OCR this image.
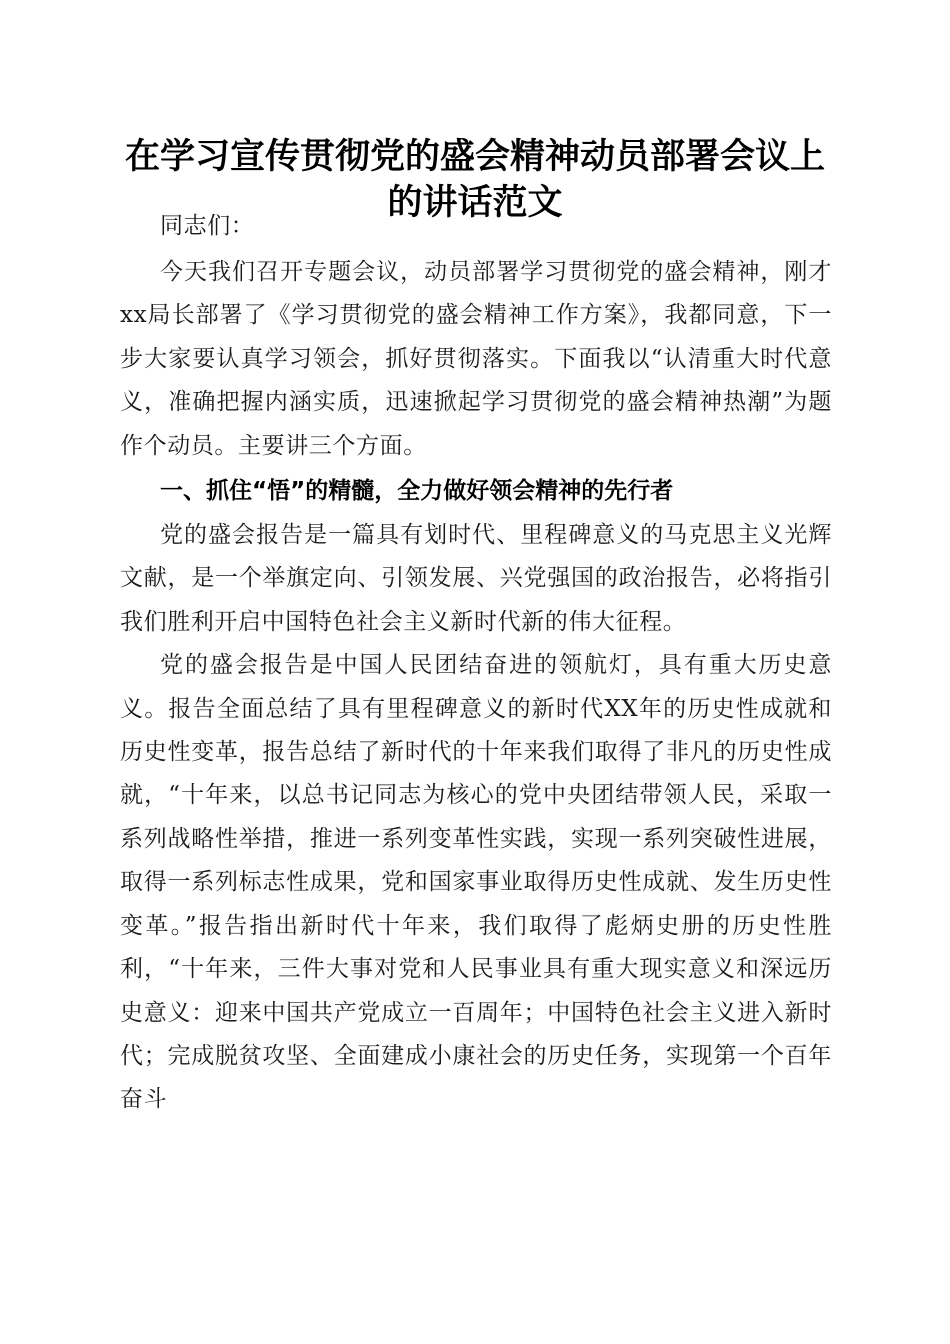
在学习宣传贯彻党的盛会精神动员部署会议上
的讲话范文

同志们：

今天我们召开专题会议，动员部署学习贯彻党的盛会精神，刚才xx局长部署了《学习贯彻党的盛会精神工作方案》，我都同意，下一步大家要认真学习领会，抓好贯彻落实。下面我以“认清重大时代意义，准确把握内涵实质，迅速掀起学习贯彻党的盛会精神热潮”为题作个动员。主要讲三个方面。

一、抓住“悟”的精髓，全力做好领会精神的先行者

党的盛会报告是一篇具有划时代、里程碑意义的马克思主义光辉文献，是一个举旗定向、引领发展、兴党强国的政治报告，必将指引我们胜利开启中国特色社会主义新时代新的伟大征程。

党的盛会报告是中国人民团结奋进的领航灯，具有重大历史意义。报告全面总结了具有里程碑意义的新时代XX年的历史性成就和历史性变革，报告总结了新时代的十年来我们取得了非凡的历史性成就，“十年来，以总书记同志为核心的党中央团结带领人民，采取一系列战略性举措，推进一系列变革性实践，实现一系列突破性进展，取得一系列标志性成果，党和国家事业取得历史性成就、发生历史性变革。”报告指出新时代十年来，我们取得了彪炳史册的历史性胜利，“十年来，三件大事对党和人民事业具有重大现实意义和深远历史意义：迎来中国共产党成立一百周年；中国特色社会主义进入新时代；完成脱贫攻坚、全面建成小康社会的历史任务，实现第一个百年奋斗
